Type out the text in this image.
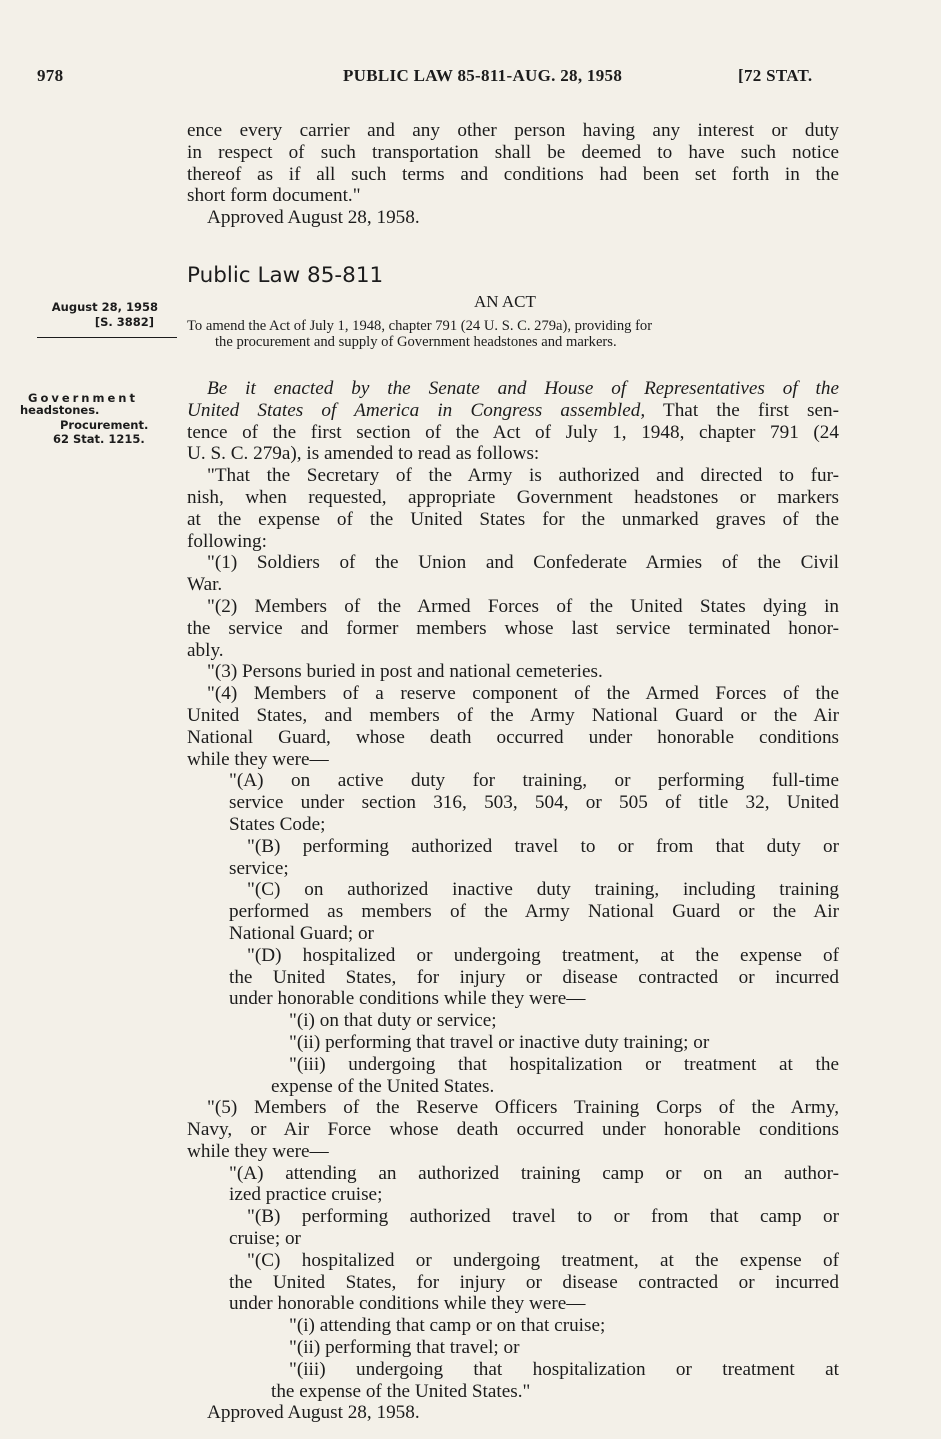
978	PUBLIC LAW 85-811-AUG. 28, 1958	[72 STAT.
ence every carrier and any other person having any interest or duty
in respect of such transportation shall be deemed to have such notice
thereof as if all such terms and conditions had been set forth in the
short form document."
Approved August 28, 1958.
Public Law 85-811
AN ACT
August 28, 1958
[S. 3882]
Government
headstones.
Procurement.
62 Stat. 1215.
To amend the Act of July 1, 1948, chapter 791 (24 U. S. C. 279a), providing for
the procurement and supply of Government headstones and markers.
Be it enacted by the Senate and House of Representatives of the
United States of America in Congress assembled, That the first sen-
tence of the first section of the Act of July 1, 1948, chapter 791 (24
U. S. C. 279a), is amended to read as follows:
"That the Secretary of the Army is authorized and directed to fur-
nish, when requested, appropriate Government headstones or markers
at the expense of the United States for the unmarked graves of the
following:
"(1) Soldiers of the Union and Confederate Armies of the Civil
War.
"(2) Members of the Armed Forces of the United States dying in
the service and former members whose last service terminated honor-
ably.
"(3) Persons buried in post and national cemeteries.
"(4) Members of a reserve component of the Armed Forces of the
United States, and members of the Army National Guard or the Air
National Guard, whose death occurred under honorable conditions
while they were—
"(A) on active duty for training, or performing full-time
service under section 316, 503, 504, or 505 of title 32, United
States Code;
"(B) performing authorized travel to or from that duty or
service;
"(C) on authorized inactive duty training, including training
performed as members of the Army National Guard or the Air
National Guard; or
"(D) hospitalized or undergoing treatment, at the expense of
the United States, for injury or disease contracted or incurred
under honorable conditions while they were—
"(i) on that duty or service;
"(ii) performing that travel or inactive duty training; or
"(iii) undergoing that hospitalization or treatment at the
expense of the United States.
"(5) Members of the Reserve Officers Training Corps of the Army,
Navy, or Air Force whose death occurred under honorable conditions
while they were—
"(A) attending an authorized training camp or on an author-
ized practice cruise;
"(B) performing authorized travel to or from that camp or
cruise; or
"(C) hospitalized or undergoing treatment, at the expense of
the United States, for injury or disease contracted or incurred
under honorable conditions while they were—
"(i) attending that camp or on that cruise;
"(ii) performing that travel; or
"(iii) undergoing that hospitalization or treatment at
the expense of the United States."
Approved August 28, 1958.
